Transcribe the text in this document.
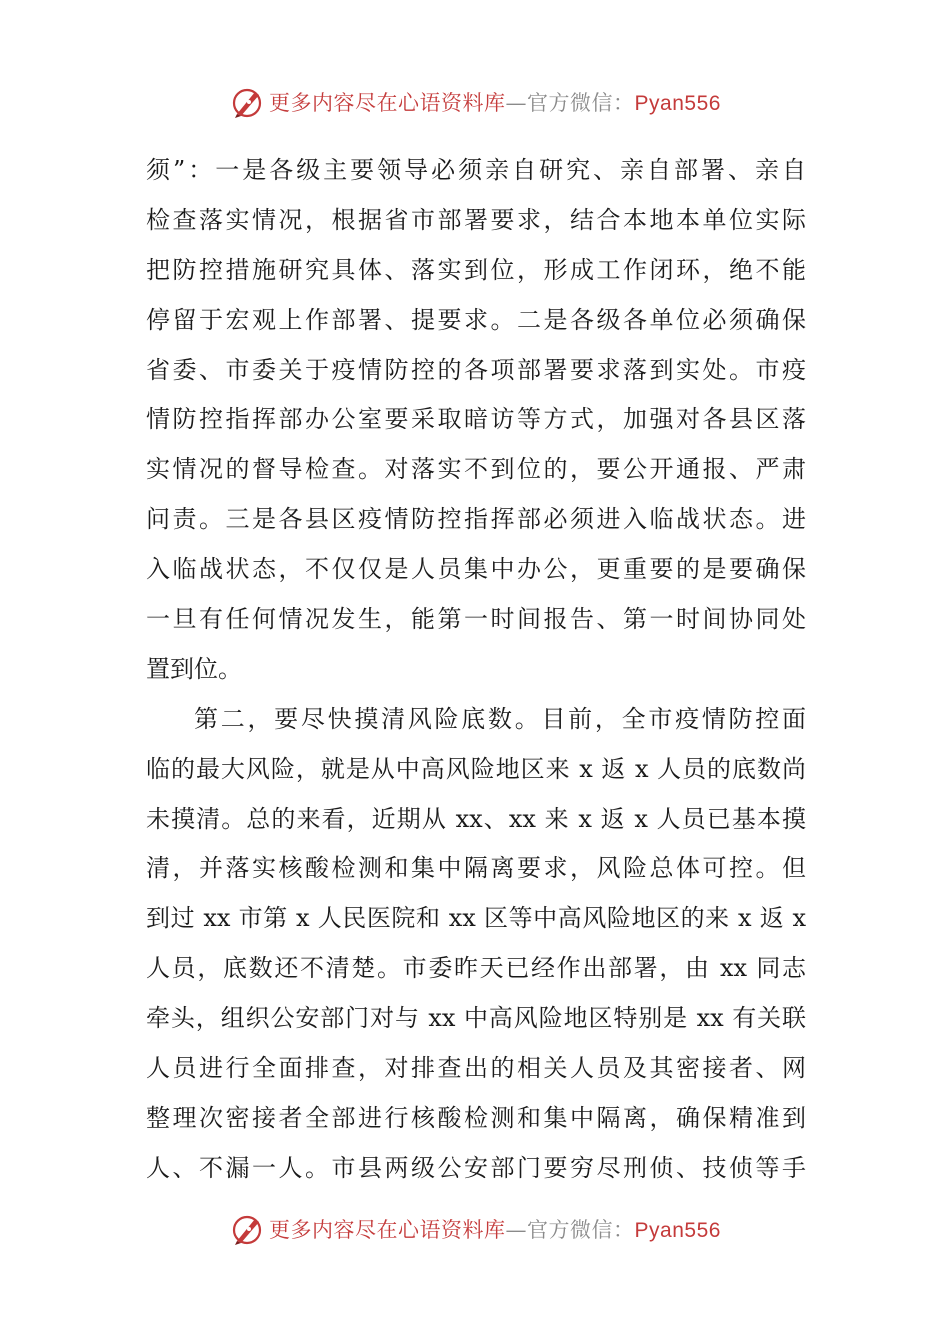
更多内容尽在心语资料库—官方微信：Pyan556
须”：一是各级主要领导必须亲自研究、亲自部署、亲自
检查落实情况，根据省市部署要求，结合本地本单位实际
把防控措施研究具体、落实到位，形成工作闭环，绝不能
停留于宏观上作部署、提要求。二是各级各单位必须确保
省委、市委关于疫情防控的各项部署要求落到实处。市疫
情防控指挥部办公室要采取暗访等方式，加强对各县区落
实情况的督导检查。对落实不到位的，要公开通报、严肃
问责。三是各县区疫情防控指挥部必须进入临战状态。进
入临战状态，不仅仅是人员集中办公，更重要的是要确保
一旦有任何情况发生，能第一时间报告、第一时间协同处
置到位。
第二，要尽快摸清风险底数。目前，全市疫情防控面
临的最大风险，就是从中高风险地区来 x 返 x 人员的底数尚
未摸清。总的来看，近期从 xx、xx 来 x 返 x 人员已基本摸
清，并落实核酸检测和集中隔离要求，风险总体可控。但
到过 xx 市第 x 人民医院和 xx 区等中高风险地区的来 x 返 x
人员，底数还不清楚。市委昨天已经作出部署，由 xx 同志
牵头，组织公安部门对与 xx 中高风险地区特别是 xx 有关联
人员进行全面排查，对排查出的相关人员及其密接者、网
整理次密接者全部进行核酸检测和集中隔离，确保精准到
人、不漏一人。市县两级公安部门要穷尽刑侦、技侦等手
更多内容尽在心语资料库—官方微信：Pyan556
